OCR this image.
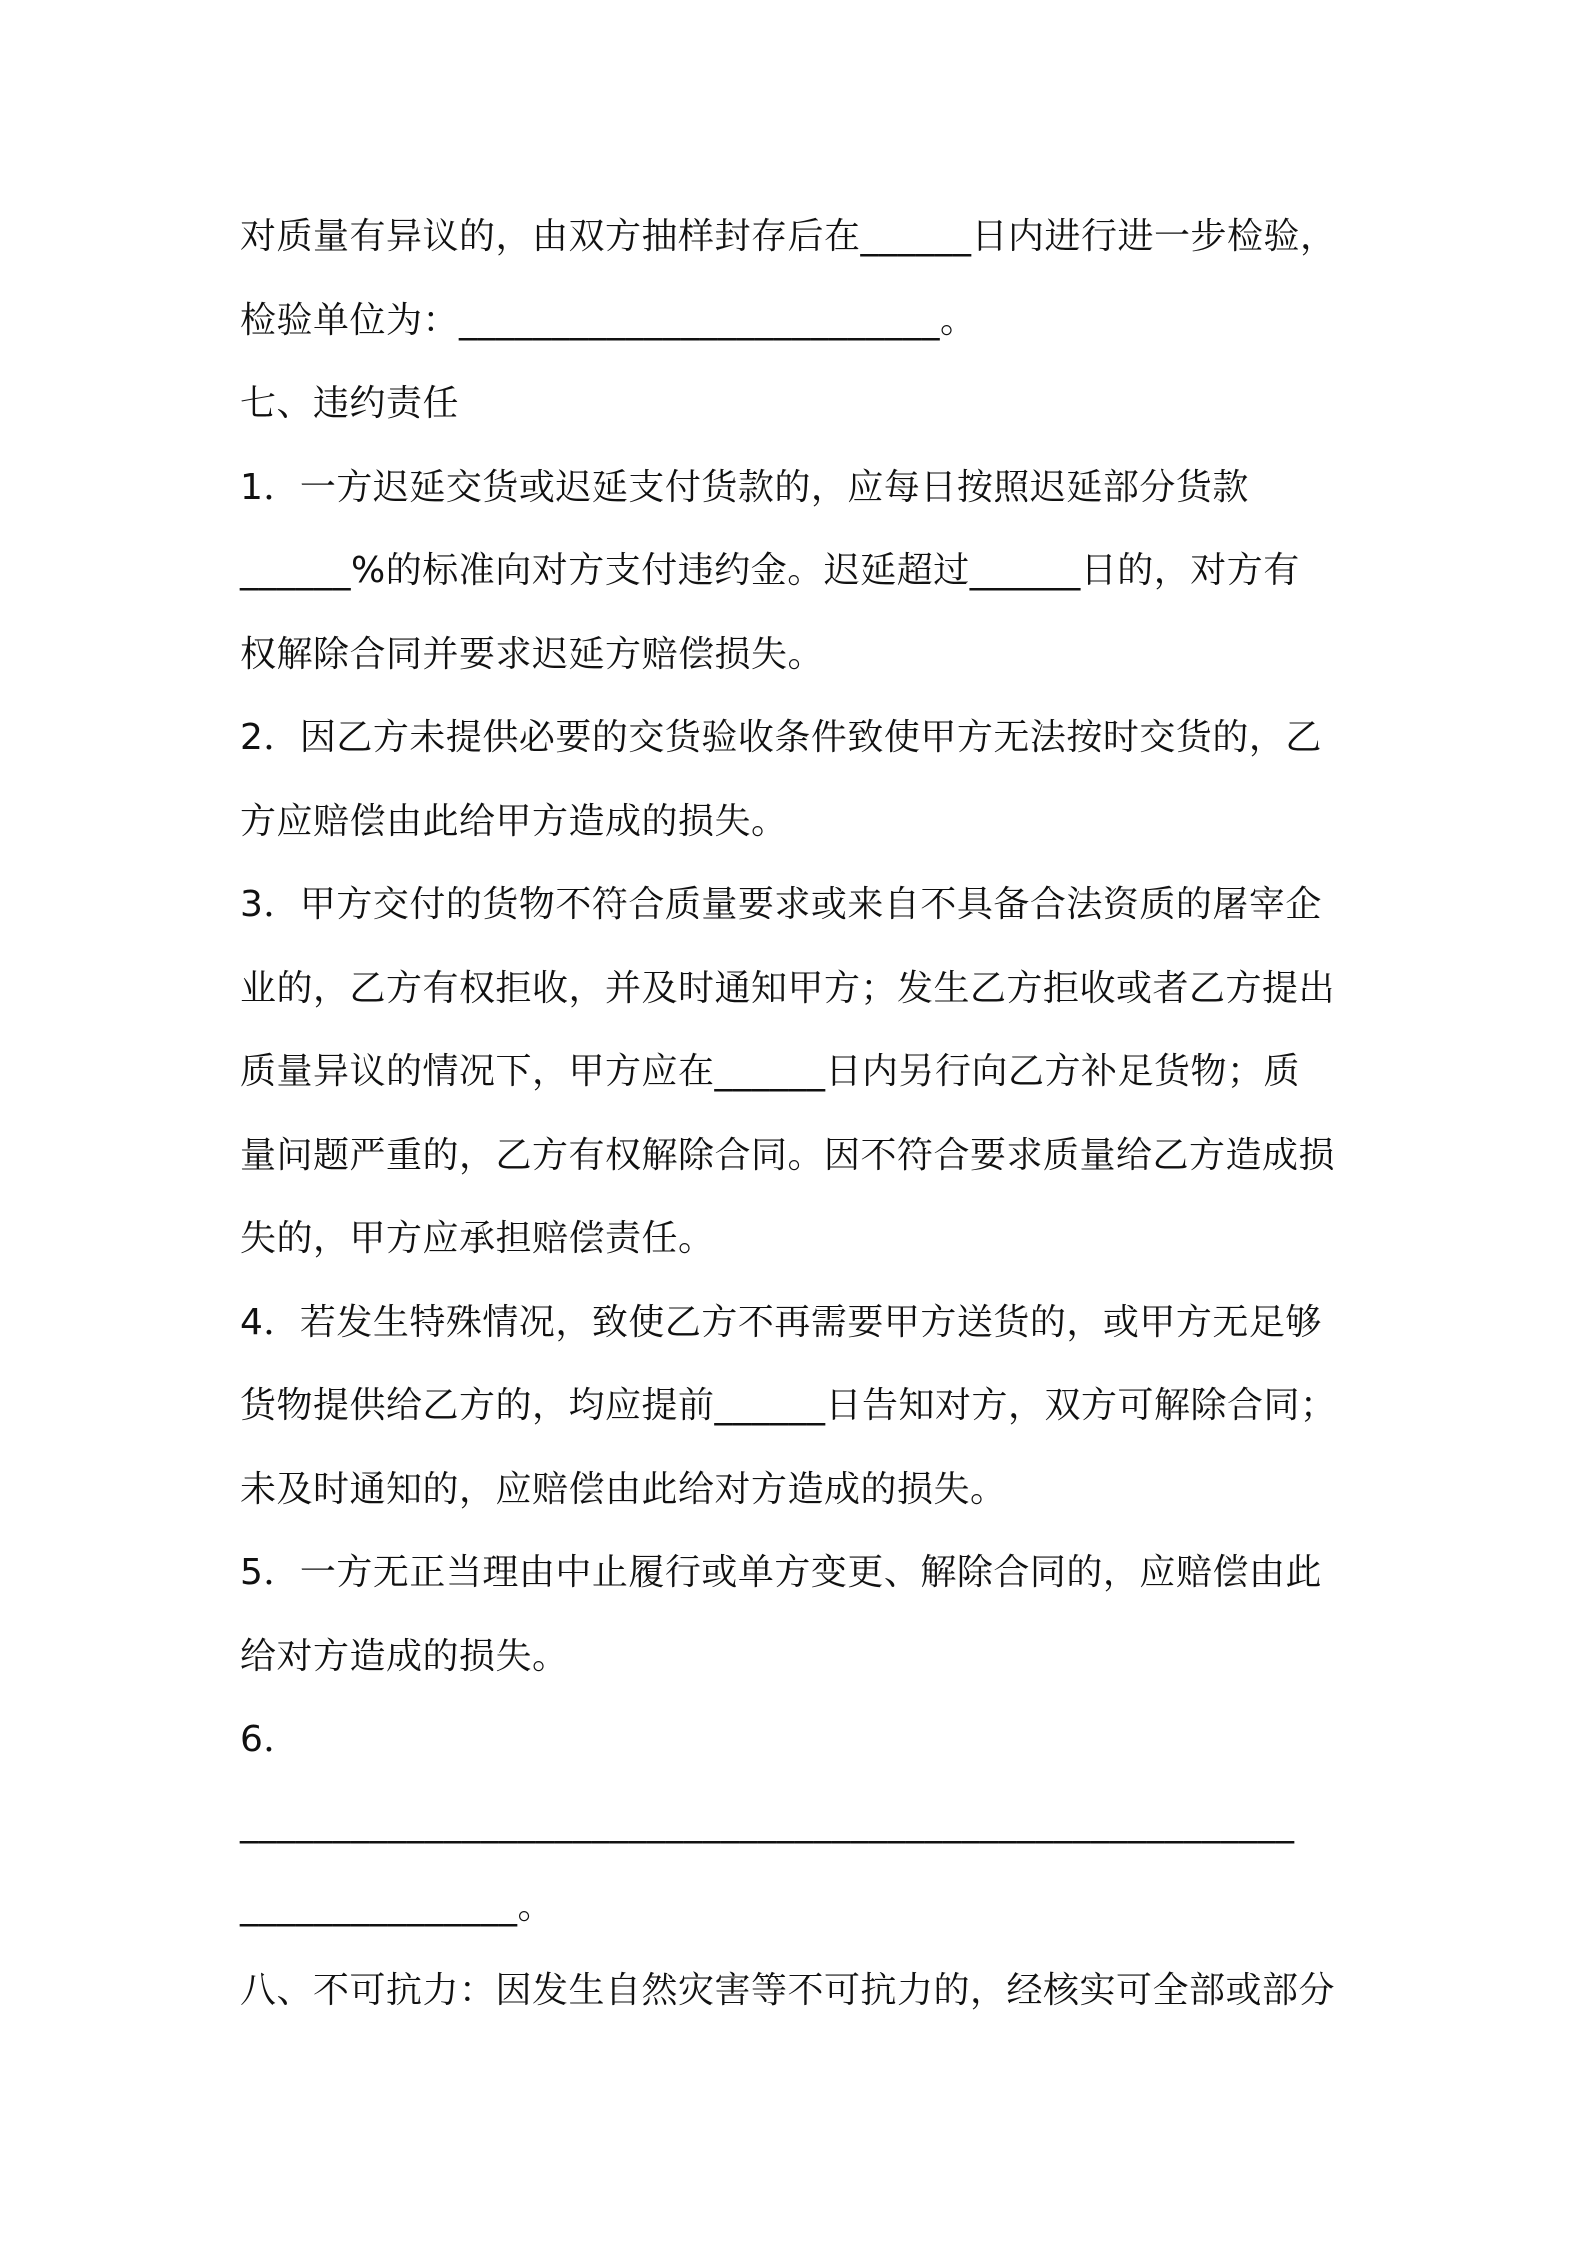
对质量有异议的，由双方抽样封存后在______日内进行进一步检验，
检验单位为：__________________________。
七、违约责任
1．一方迟延交货或迟延支付货款的，应每日按照迟延部分货款
______%的标准向对方支付违约金。迟延超过______日的，对方有
权解除合同并要求迟延方赔偿损失。
2．因乙方未提供必要的交货验收条件致使甲方无法按时交货的，乙
方应赔偿由此给甲方造成的损失。
3．甲方交付的货物不符合质量要求或来自不具备合法资质的屠宰企
业的，乙方有权拒收，并及时通知甲方；发生乙方拒收或者乙方提出
质量异议的情况下，甲方应在______日内另行向乙方补足货物；质
量问题严重的，乙方有权解除合同。因不符合要求质量给乙方造成损
失的，甲方应承担赔偿责任。
4．若发生特殊情况，致使乙方不再需要甲方送货的，或甲方无足够
货物提供给乙方的，均应提前______日告知对方，双方可解除合同；
未及时通知的，应赔偿由此给对方造成的损失。
5．一方无正当理由中止履行或单方变更、解除合同的，应赔偿由此
给对方造成的损失。
6．
_________________________________________________________
_______________。
八、不可抗力：因发生自然灾害等不可抗力的，经核实可全部或部分
